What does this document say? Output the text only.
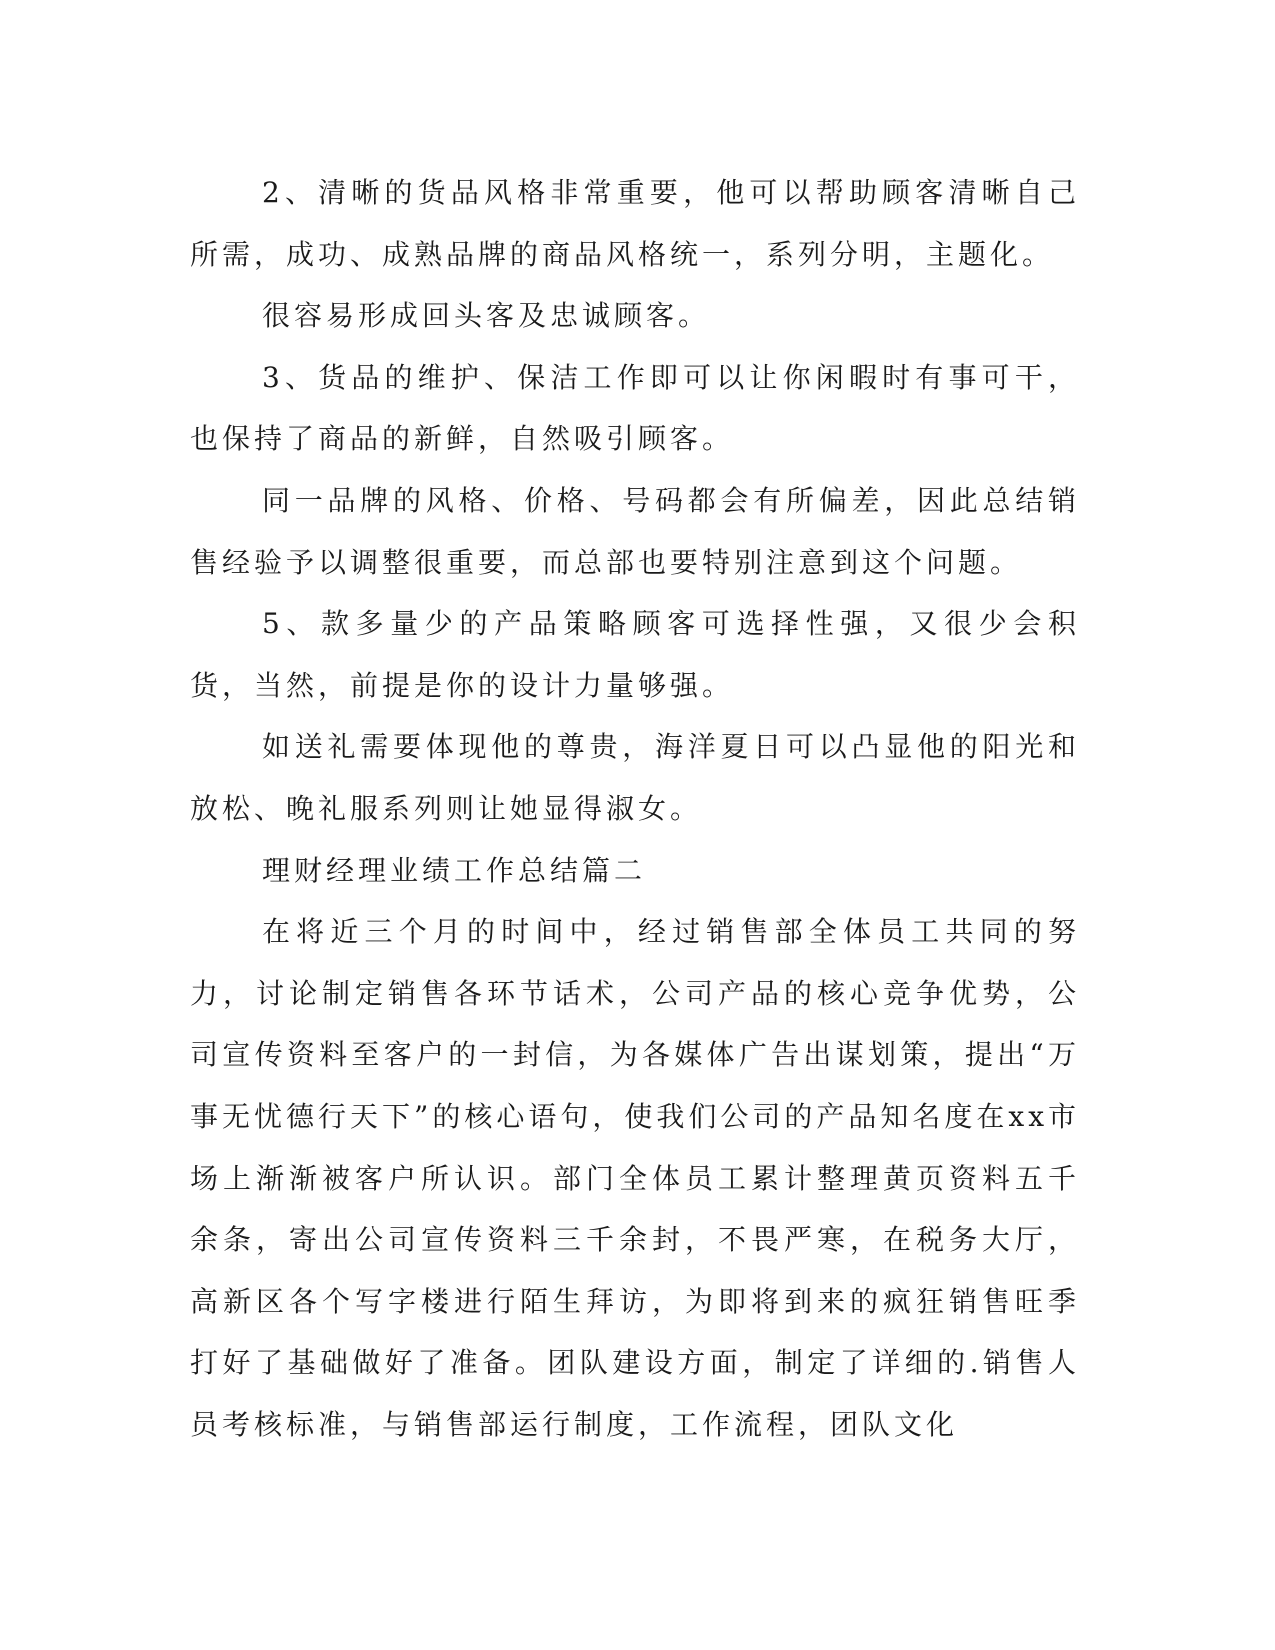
2、清晰的货品风格非常重要，他可以帮助顾客清晰自己所需，成功、成熟品牌的商品风格统一，系列分明，主题化。

很容易形成回头客及忠诚顾客。

3、货品的维护、保洁工作即可以让你闲暇时有事可干，也保持了商品的新鲜，自然吸引顾客。

同一品牌的风格、价格、号码都会有所偏差，因此总结销售经验予以调整很重要，而总部也要特别注意到这个问题。

5、款多量少的产品策略顾客可选择性强，又很少会积货，当然，前提是你的设计力量够强。

如送礼需要体现他的尊贵，海洋夏日可以凸显他的阳光和放松、晚礼服系列则让她显得淑女。

理财经理业绩工作总结篇二

在将近三个月的时间中，经过销售部全体员工共同的努力，讨论制定销售各环节话术，公司产品的核心竞争优势，公司宣传资料至客户的一封信，为各媒体广告出谋划策，提出“万事无忧德行天下”的核心语句，使我们公司的产品知名度在xx市场上渐渐被客户所认识。部门全体员工累计整理黄页资料五千余条，寄出公司宣传资料三千余封，不畏严寒，在税务大厅，高新区各个写字楼进行陌生拜访，为即将到来的疯狂销售旺季打好了基础做好了准备。团队建设方面，制定了详细的.销售人员考核标准，与销售部运行制度，工作流程，团队文化
